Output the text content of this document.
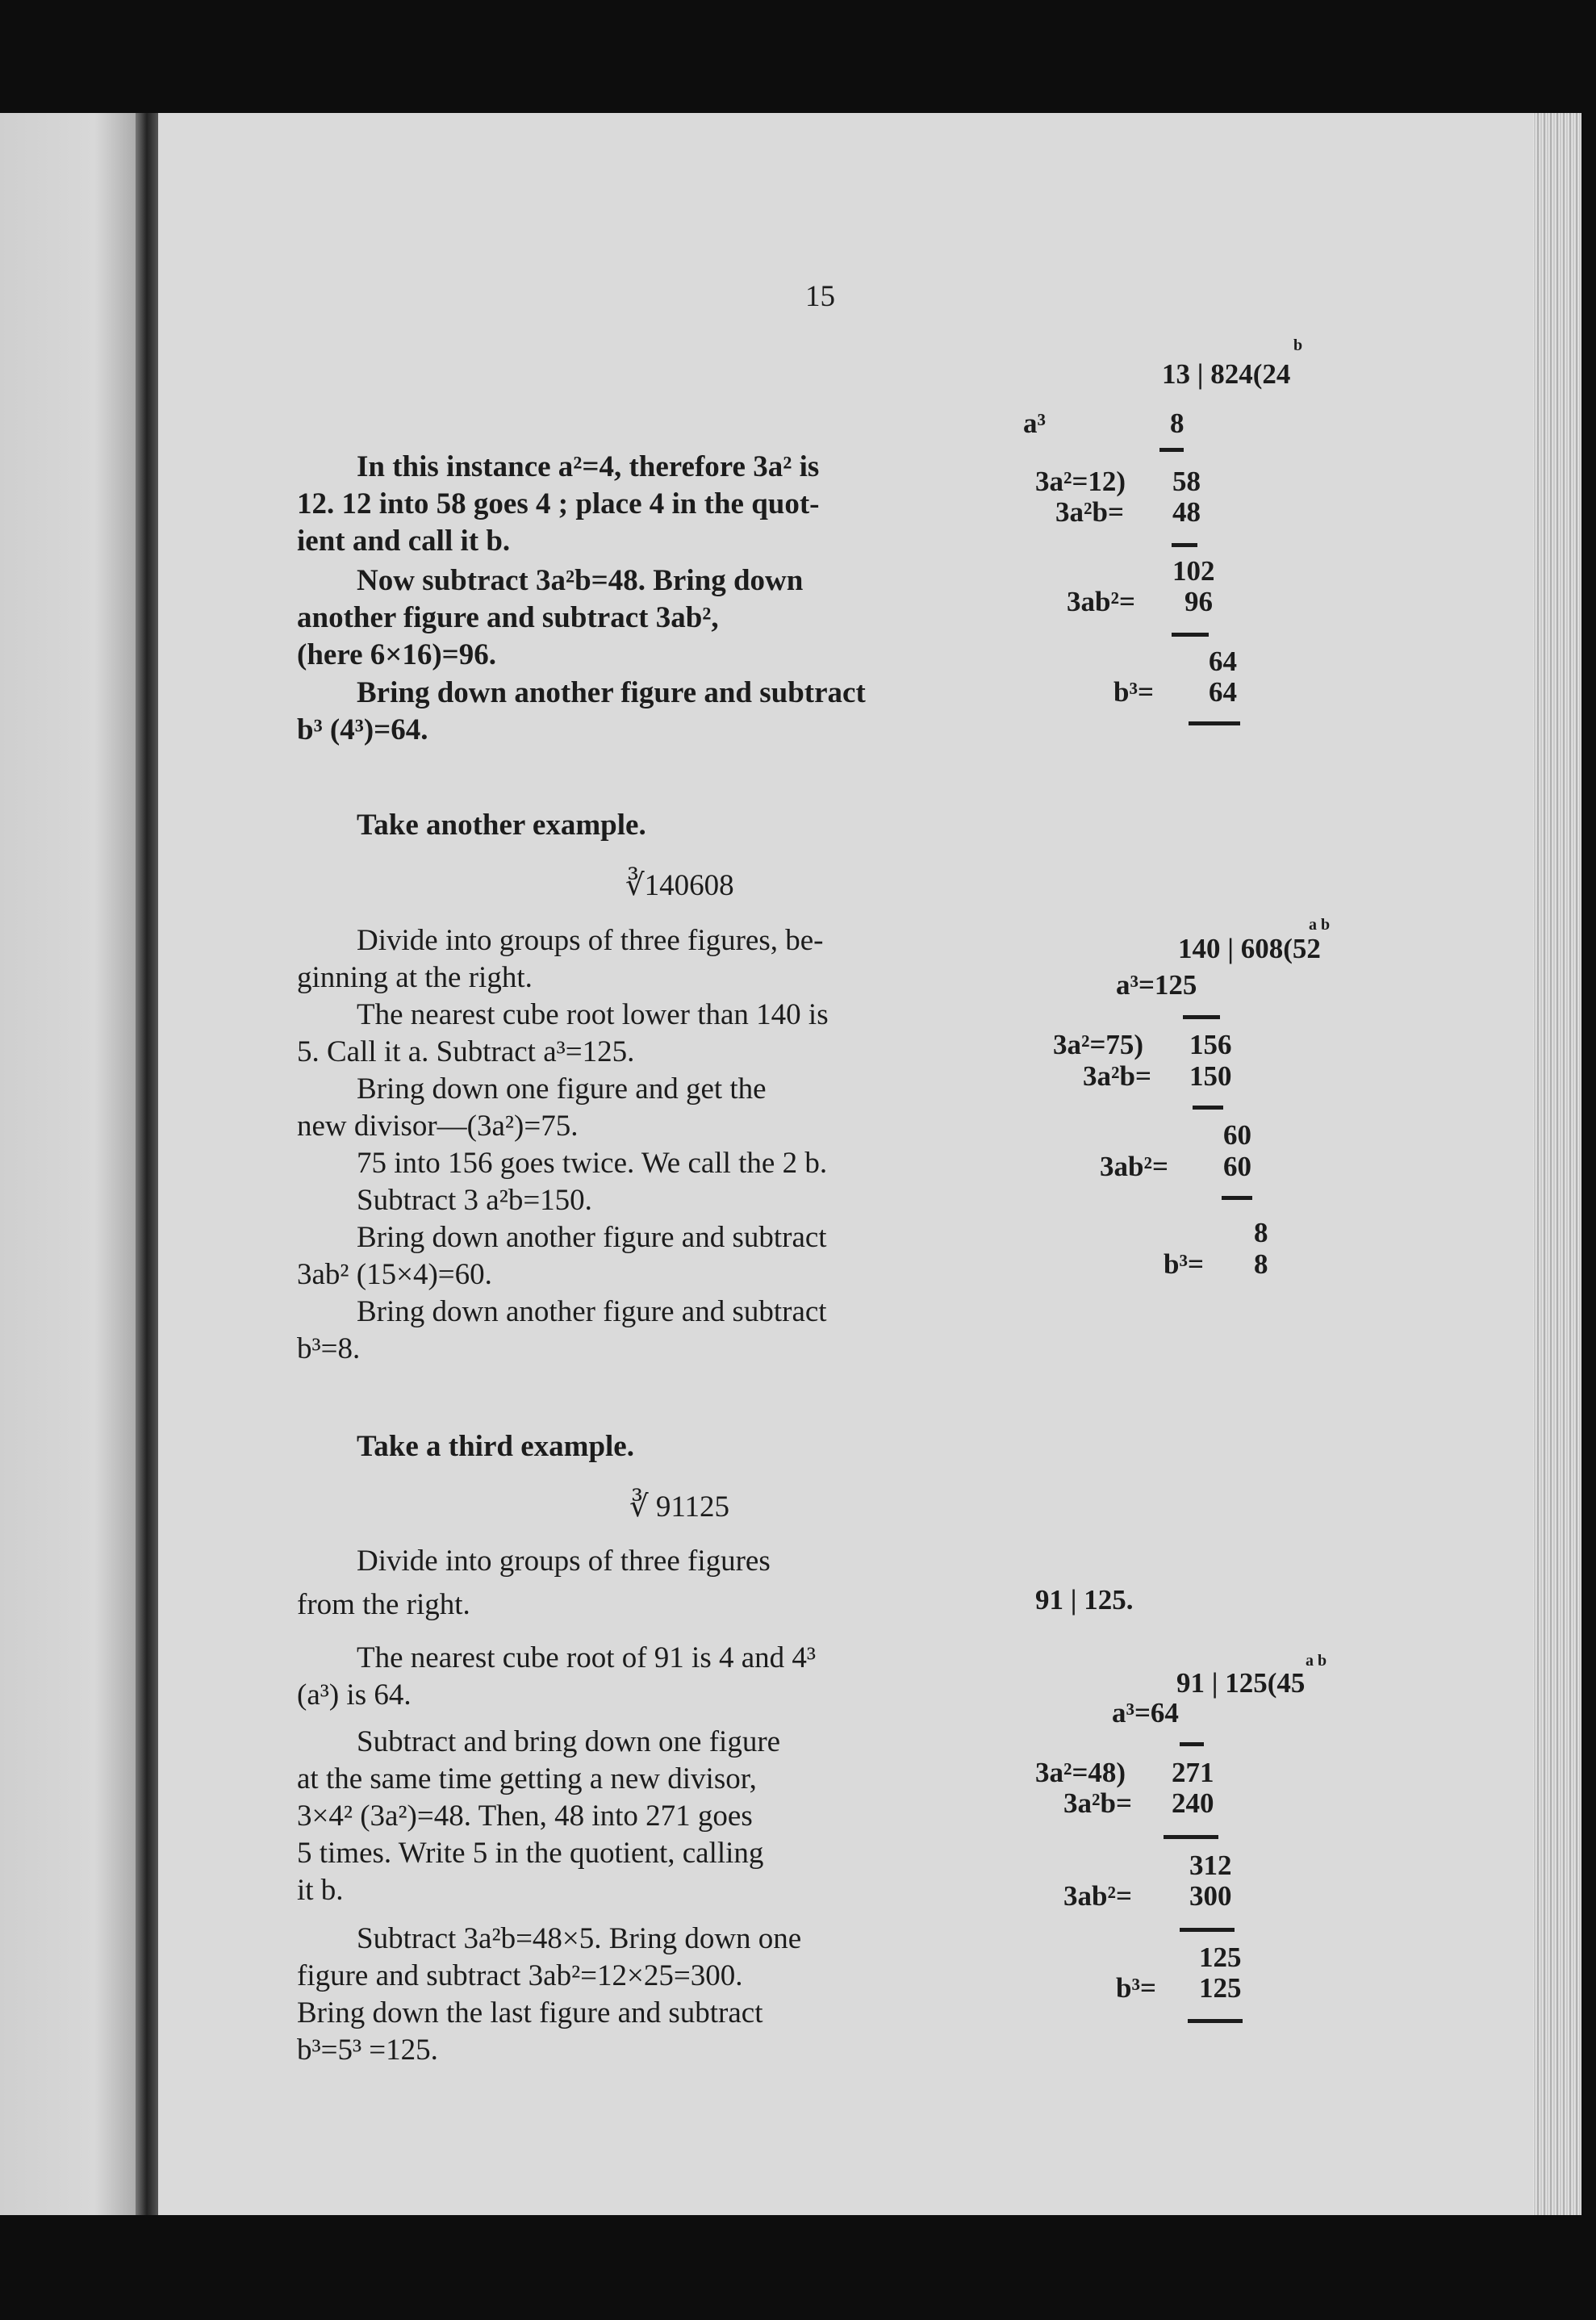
15
In this instance a²=4, therefore 3a² is
12. 12 into 58 goes 4 ; place 4 in the quot-
ient and call it b.
Now subtract 3a²b=48. Bring down
another figure and subtract 3ab²,
(here 6×16)=96.
Bring down another figure and subtract
b³ (4³)=64.
b
13 | 824(24
a³	8
3a²=12) 58
3a²b= 48
102
3ab²= 96
64
b³= 64
Take another example.
∛140608
Divide into groups of three figures, be-
ginning at the right.
The nearest cube root lower than 140 is
5. Call it a. Subtract a³=125.
Bring down one figure and get the
new divisor—(3a²)=75.
75 into 156 goes twice. We call the 2 b.
Subtract 3 a²b=150.
Bring down another figure and subtract
3ab² (15×4)=60.
Bring down another figure and subtract
b³=8.
a b
140 | 608(52
a³=125
3a²=75) 156
3a²b= 150
60
3ab²= 60
8
b³= 8
Take a third example.
∛ 91125
Divide into groups of three figures
from the right.
The nearest cube root of 91 is 4 and 4³
(a³) is 64.
Subtract and bring down one figure
at the same time getting a new divisor,
3×4² (3a²)=48. Then, 48 into 271 goes
5 times. Write 5 in the quotient, calling
it b.
Subtract 3a²b=48×5. Bring down one
figure and subtract 3ab²=12×25=300.
Bring down the last figure and subtract
b³=5³ =125.
91 | 125.
a b
91 | 125(45
a³=64
3a²=48) 271
3a²b= 240
312
3ab²= 300
125
b³= 125
